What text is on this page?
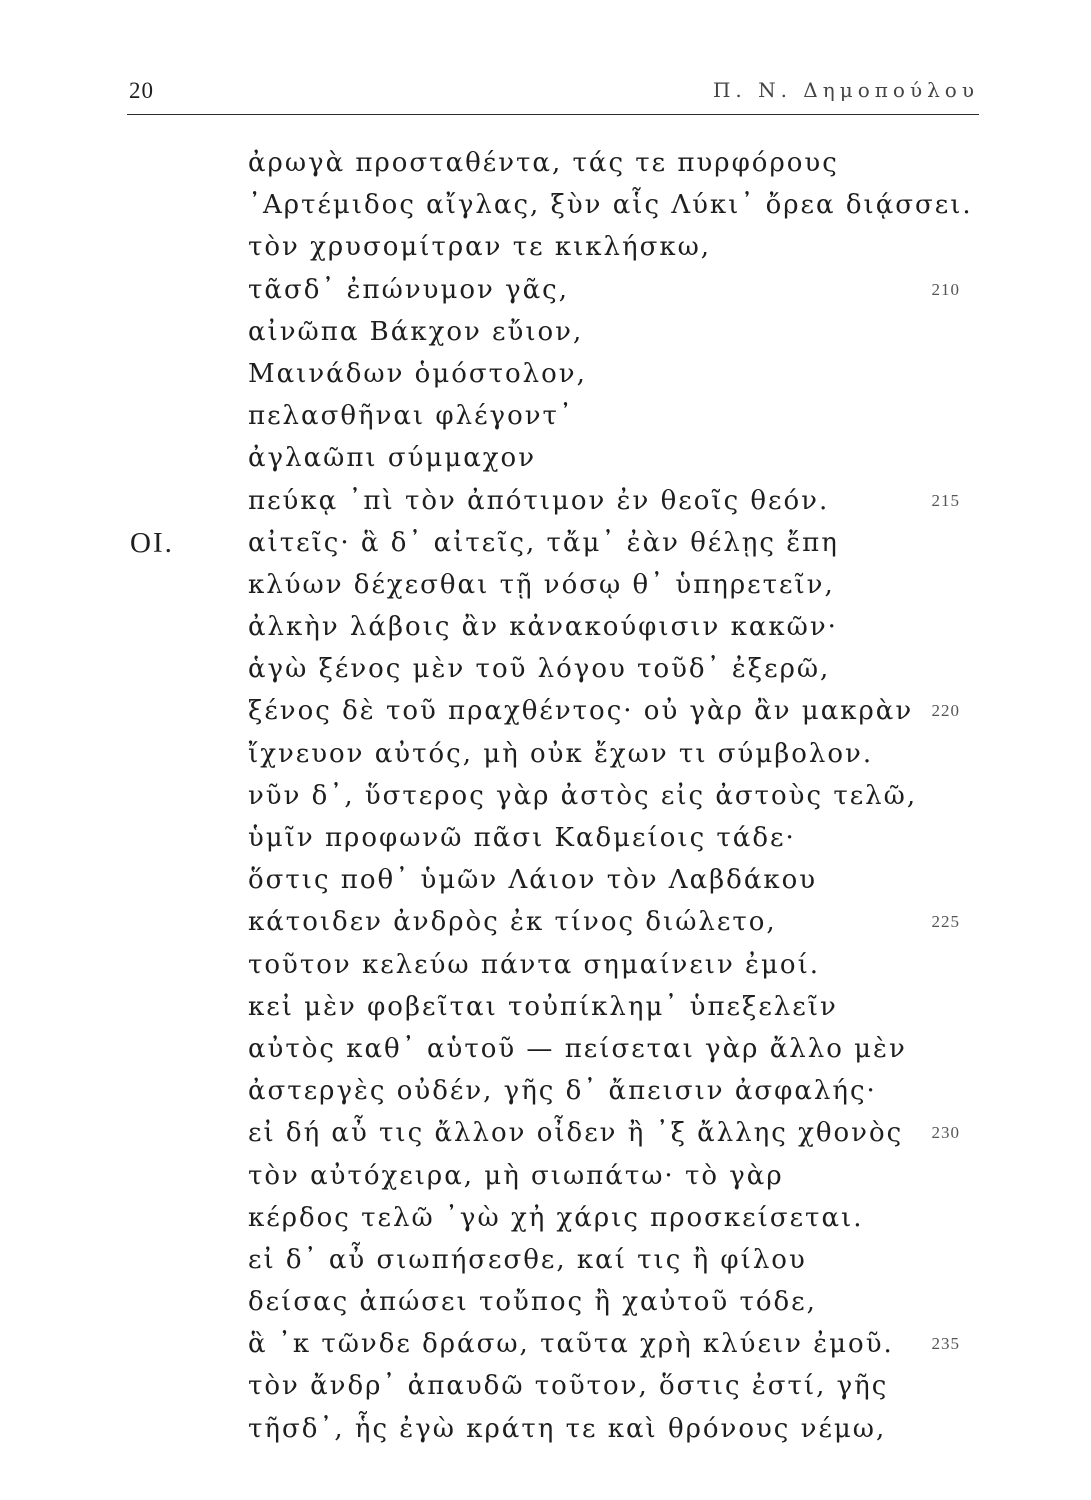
20	Π. Ν. Δημοπούλου
ἀρωγὰ προσταθέντα, τάς τε πυρφόρους
᾿Αρτέμιδος αἴγλας, ξὺν αἷς Λύκι᾿ ὄρεα διᾴσσει.
τὸν χρυσομίτραν τε κικλήσκω,
τᾶσδ᾿ ἐπώνυμον γᾶς,	210
αἰνῶπα Βάκχον εὔιον,
Μαινάδων ὁμόστολον,
πελασθῆναι φλέγοντ᾿
ἀγλαῶπι σύμμαχον
πεύκᾳ ᾿πὶ τὸν ἀπότιμον ἐν θεοῖς θεόν.	215
ΟΙ.	αἰτεῖς· ἃ δ᾿ αἰτεῖς, τἄμ᾿ ἐὰν θέλῃς ἔπη
κλύων δέχεσθαι τῇ νόσῳ θ᾿ ὑπηρετεῖν,
ἀλκὴν λάβοις ἂν κἀνακούφισιν κακῶν·
ἁγὼ ξένος μὲν τοῦ λόγου τοῦδ᾿ ἐξερῶ,
ξένος δὲ τοῦ πραχθέντος· οὐ γὰρ ἂν μακρὰν 220
ἴχνευον αὐτός, μὴ οὐκ ἔχων τι σύμβολον.
νῦν δ᾿, ὕστερος γὰρ ἀστὸς εἰς ἀστοὺς τελῶ,
ὑμῖν προφωνῶ πᾶσι Καδμείοις τάδε·
ὅστις ποθ᾿ ὑμῶν Λάιον τὸν Λαβδάκου
κάτοιδεν ἀνδρὸς ἐκ τίνος διώλετο,	225
τοῦτον κελεύω πάντα σημαίνειν ἐμοί.
κεἰ μὲν φοβεῖται τοὐπίκλημ᾿ ὑπεξελεῖν
αὐτὸς καθ᾿ αὑτοῦ — πείσεται γὰρ ἄλλο μὲν
ἀστεργὲς οὐδέν, γῆς δ᾿ ἄπεισιν ἀσφαλής·
εἰ δή αὖ τις ἄλλον οἶδεν ἢ ᾿ξ ἄλλης χθονὸς 230
τὸν αὐτόχειρα, μὴ σιωπάτω· τὸ γὰρ
κέρδος τελῶ ᾿γὼ χἠ χάρις προσκείσεται.
εἰ δ᾿ αὖ σιωπήσεσθε, καί τις ἢ φίλου
δείσας ἀπώσει τοὔπος ἢ χαὐτοῦ τόδε,
ἃ ᾿κ τῶνδε δράσω, ταῦτα χρὴ κλύειν ἐμοῦ. 235
τὸν ἄνδρ᾿ ἀπαυδῶ τοῦτον, ὅστις ἐστί, γῆς
τῆσδ᾿, ἧς ἐγὼ κράτη τε καὶ θρόνους νέμω,
